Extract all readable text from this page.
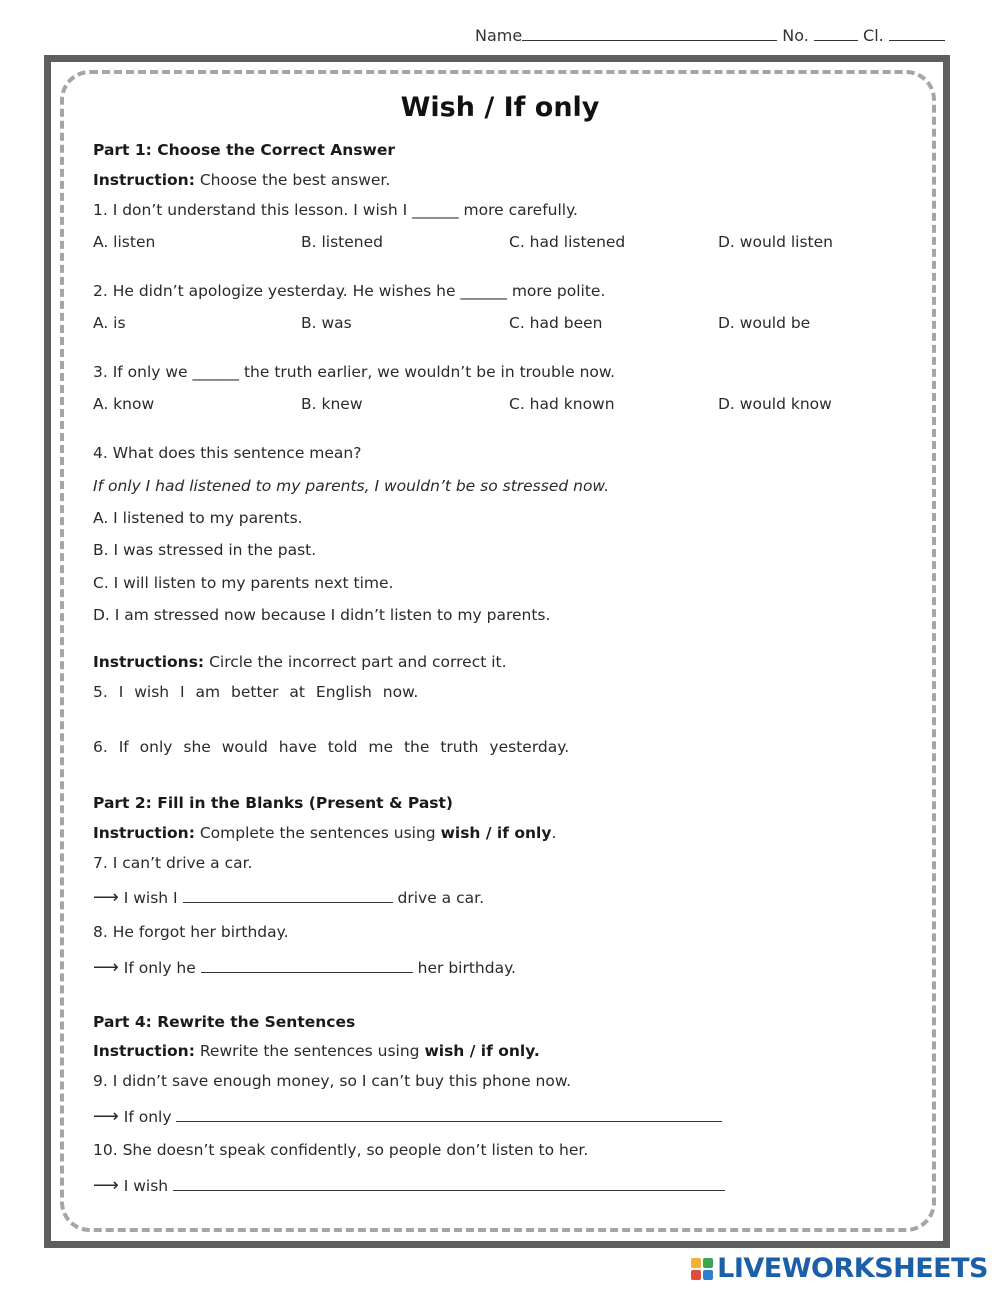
Name	No.	Cl.
Wish / If only
Part 1: Choose the Correct Answer
Instruction: Choose the best answer.
1. I don’t understand this lesson. I wish I ______ more carefully.
A. listen	B. listened	C. had listened	D. would listen
2. He didn’t apologize yesterday. He wishes he ______ more polite.
A. is	B. was	C. had been	D. would be
3. If only we ______ the truth earlier, we wouldn’t be in trouble now.
A. know	B. knew	C. had known	D. would know
4. What does this sentence mean?
If only I had listened to my parents, I wouldn’t be so stressed now.
A. I listened to my parents.
B. I was stressed in the past.
C. I will listen to my parents next time.
D. I am stressed now because I didn’t listen to my parents.
Instructions: Circle the incorrect part and correct it.
5. I wish I am better at English now.
6. If only she would have told me the truth yesterday.
Part 2: Fill in the Blanks (Present & Past)
Instruction: Complete the sentences using wish / if only.
7. I can’t drive a car.
⟶ I wish I	drive a car.
8. He forgot her birthday.
⟶ If only he	her birthday.
Part 4: Rewrite the Sentences
Instruction: Rewrite the sentences using wish / if only.
9. I didn’t save enough money, so I can’t buy this phone now.
⟶ If only
10. She doesn’t speak confidently, so people don’t listen to her.
⟶ I wish
LIVEWORKSHEETS
